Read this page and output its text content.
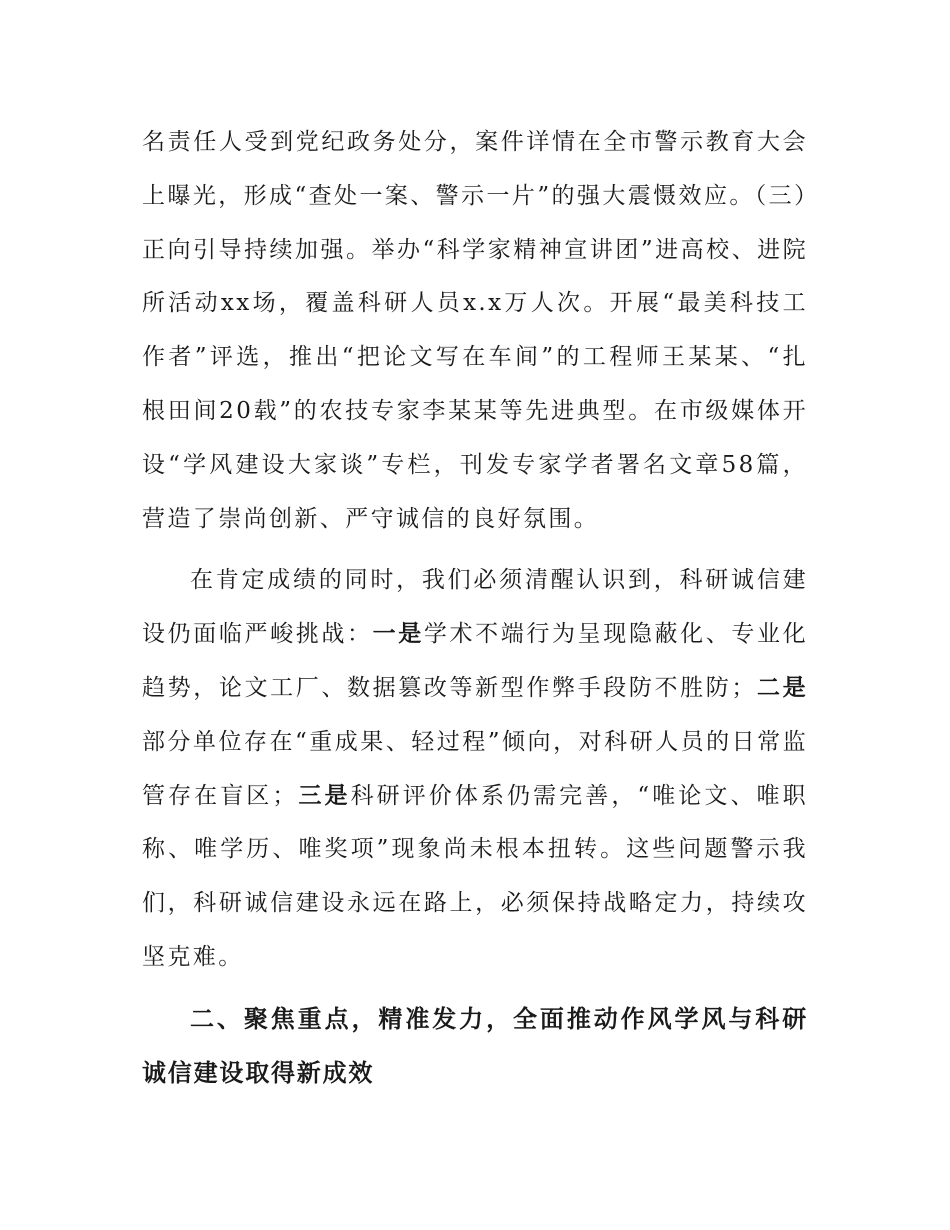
名责任人受到党纪政务处分，案件详情在全市警示教育大会上曝光，形成“查处一案、警示一片”的强大震慑效应。（三）正向引导持续加强。举办“科学家精神宣讲团”进高校、进院所活动xx场，覆盖科研人员x.x万人次。开展“最美科技工作者”评选，推出“把论文写在车间”的工程师王某某、“扎根田间20载”的农技专家李某某等先进典型。在市级媒体开设“学风建设大家谈”专栏，刊发专家学者署名文章58篇，营造了崇尚创新、严守诚信的良好氛围。

在肯定成绩的同时，我们必须清醒认识到，科研诚信建设仍面临严峻挑战：一是学术不端行为呈现隐蔽化、专业化趋势，论文工厂、数据篡改等新型作弊手段防不胜防；二是部分单位存在“重成果、轻过程”倾向，对科研人员的日常监管存在盲区；三是科研评价体系仍需完善，“唯论文、唯职称、唯学历、唯奖项”现象尚未根本扭转。这些问题警示我们，科研诚信建设永远在路上，必须保持战略定力，持续攻坚克难。

二、聚焦重点，精准发力，全面推动作风学风与科研诚信建设取得新成效
